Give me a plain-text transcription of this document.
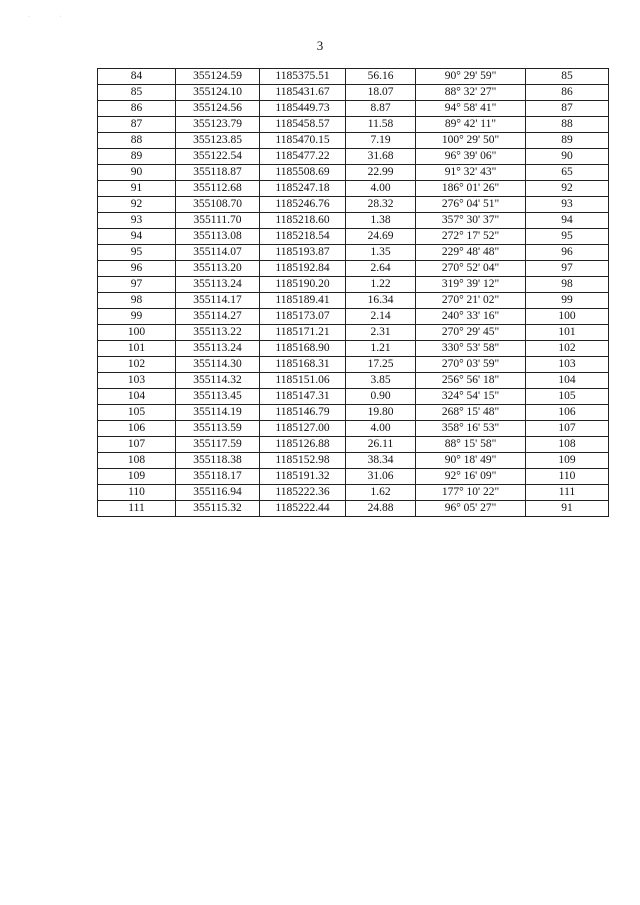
· ·
3
84	355124.59	1185375.51	56.16	90° 29' 59"	85
85	355124.10	1185431.67	18.07	88° 32' 27"	86
86	355124.56	1185449.73	8.87	94° 58' 41"	87
87	355123.79	1185458.57	11.58	89° 42' 11"	88
88	355123.85	1185470.15	7.19	100° 29' 50"	89
89	355122.54	1185477.22	31.68	96° 39' 06"	90
90	355118.87	1185508.69	22.99	91° 32' 43"	65
91	355112.68	1185247.18	4.00	186° 01' 26"	92
92	355108.70	1185246.76	28.32	276° 04' 51"	93
93	355111.70	1185218.60	1.38	357° 30' 37"	94
94	355113.08	1185218.54	24.69	272° 17' 52"	95
95	355114.07	1185193.87	1.35	229° 48' 48"	96
96	355113.20	1185192.84	2.64	270° 52' 04"	97
97	355113.24	1185190.20	1.22	319° 39' 12"	98
98	355114.17	1185189.41	16.34	270° 21' 02"	99
99	355114.27	1185173.07	2.14	240° 33' 16"	100
100	355113.22	1185171.21	2.31	270° 29' 45"	101
101	355113.24	1185168.90	1.21	330° 53' 58"	102
102	355114.30	1185168.31	17.25	270° 03' 59"	103
103	355114.32	1185151.06	3.85	256° 56' 18"	104
104	355113.45	1185147.31	0.90	324° 54' 15"	105
105	355114.19	1185146.79	19.80	268° 15' 48"	106
106	355113.59	1185127.00	4.00	358° 16' 53"	107
107	355117.59	1185126.88	26.11	88° 15' 58"	108
108	355118.38	1185152.98	38.34	90° 18' 49"	109
109	355118.17	1185191.32	31.06	92° 16' 09"	110
110	355116.94	1185222.36	1.62	177° 10' 22"	111
111	355115.32	1185222.44	24.88	96° 05' 27"	91
